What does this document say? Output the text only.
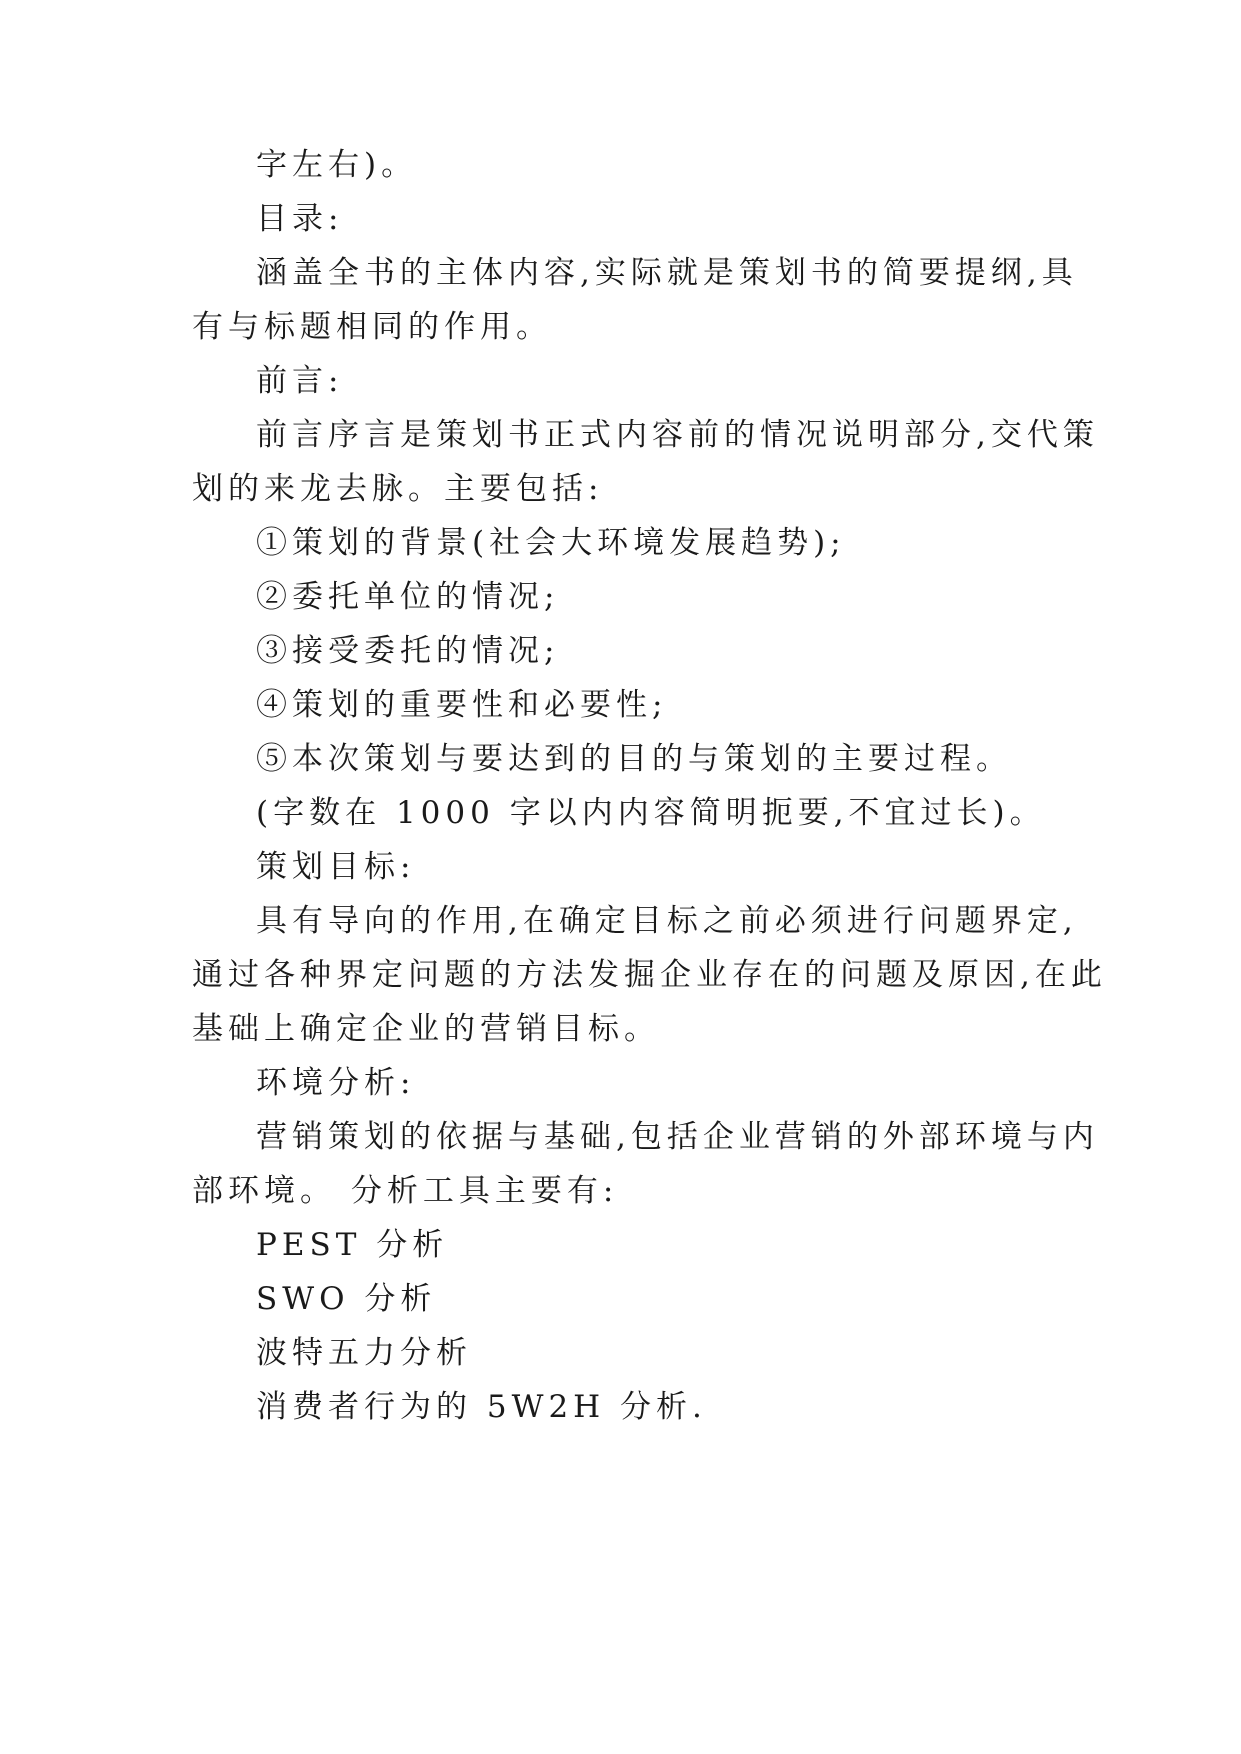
字左右)。

目录:

涵盖全书的主体内容,实际就是策划书的简要提纲,具

有与标题相同的作用。

前言:

前言序言是策划书正式内容前的情况说明部分,交代策

划的来龙去脉。主要包括:

①策划的背景(社会大环境发展趋势);

②委托单位的情况;

③接受委托的情况;

④策划的重要性和必要性;

⑤本次策划与要达到的目的与策划的主要过程。

(字数在 1000 字以内内容简明扼要,不宜过长)。

策划目标:

具有导向的作用,在确定目标之前必须进行问题界定,

通过各种界定问题的方法发掘企业存在的问题及原因,在此

基础上确定企业的营销目标。

环境分析:

营销策划的依据与基础,包括企业营销的外部环境与内

部环境。 分析工具主要有:

PEST 分析

SWO 分析

波特五力分析

消费者行为的 5W2H 分析.
